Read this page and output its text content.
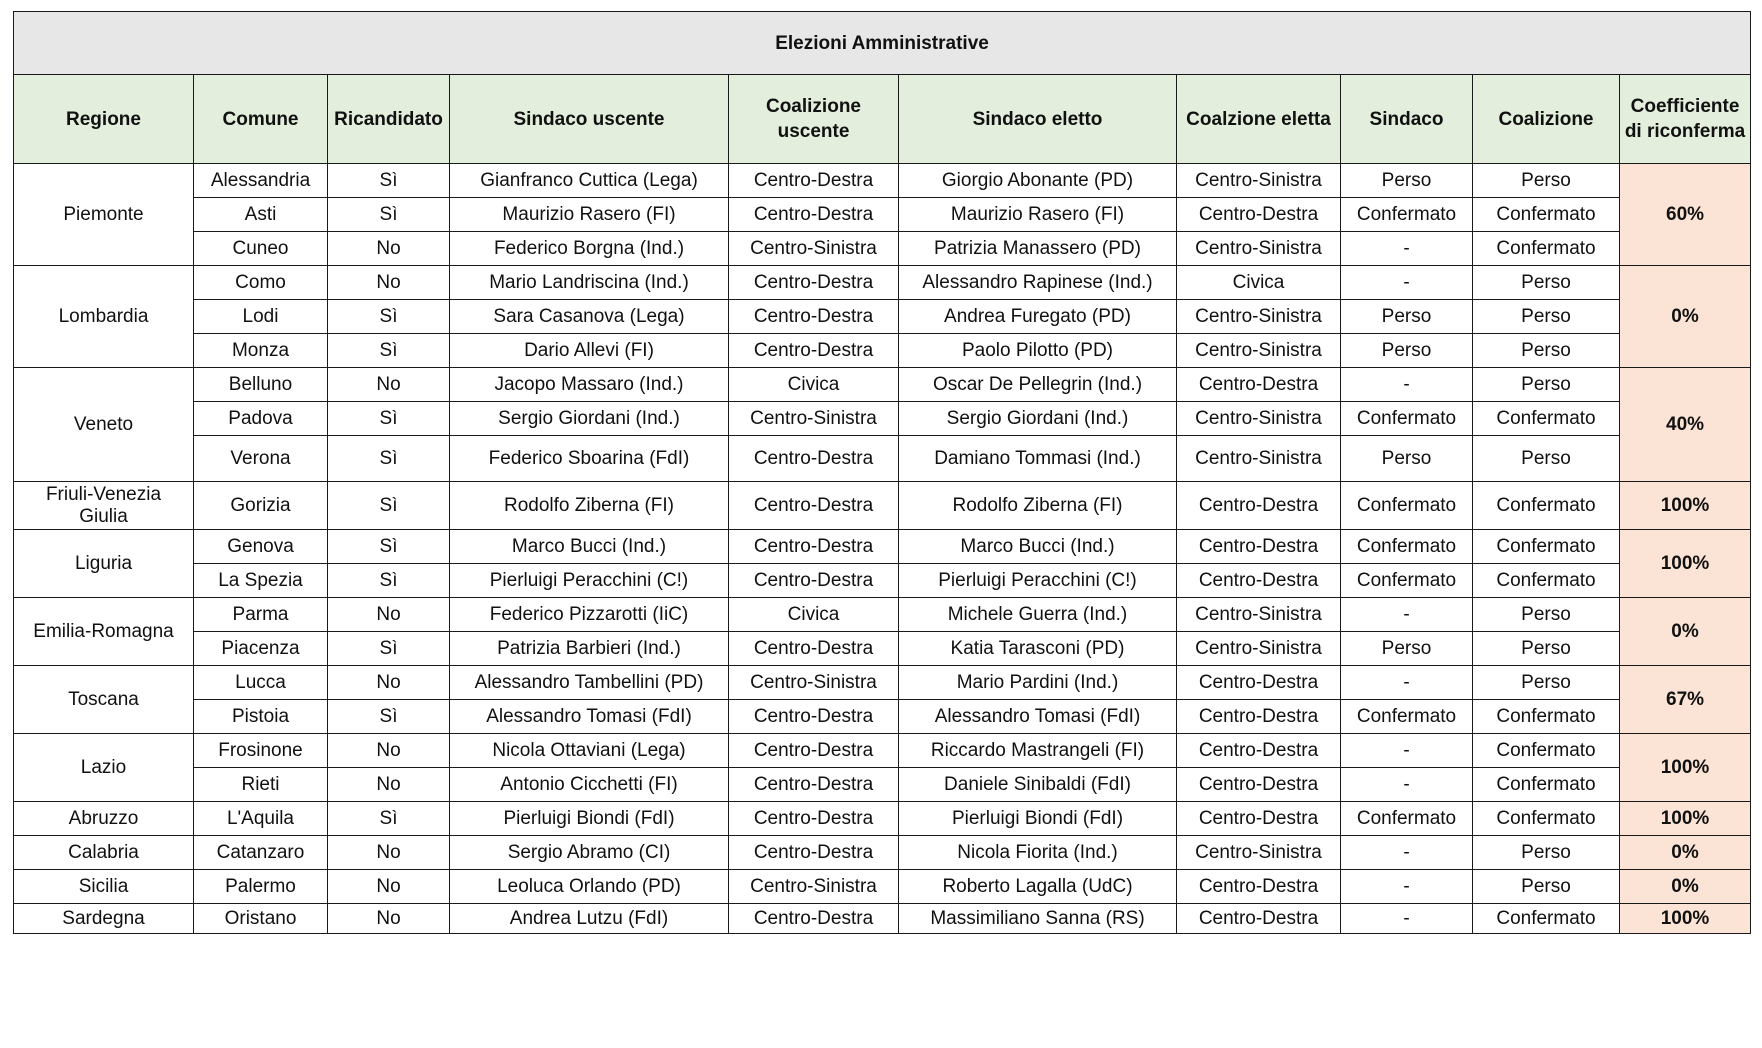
Elezioni Amministrative									
Regione	Comune	Ricandidato	Sindaco uscente	Coalizione uscente	Sindaco eletto	Coalzione eletta	Sindaco	Coalizione	Coefficiente di riconferma
Piemonte	Alessandria	Sì	Gianfranco Cuttica (Lega)	Centro-Destra	Giorgio Abonante (PD)	Centro-Sinistra	Perso	Perso	60%
	Asti	Sì	Maurizio Rasero (FI)	Centro-Destra	Maurizio Rasero (FI)	Centro-Destra	Confermato	Confermato	
	Cuneo	No	Federico Borgna (Ind.)	Centro-Sinistra	Patrizia Manassero (PD)	Centro-Sinistra	-	Confermato	
Lombardia	Como	No	Mario Landriscina (Ind.)	Centro-Destra	Alessandro Rapinese (Ind.)	Civica	-	Perso	0%
	Lodi	Sì	Sara Casanova (Lega)	Centro-Destra	Andrea Furegato (PD)	Centro-Sinistra	Perso	Perso	
	Monza	Sì	Dario Allevi (FI)	Centro-Destra	Paolo Pilotto (PD)	Centro-Sinistra	Perso	Perso	
Veneto	Belluno	No	Jacopo Massaro (Ind.)	Civica	Oscar De Pellegrin (Ind.)	Centro-Destra	-	Perso	40%
	Padova	Sì	Sergio Giordani (Ind.)	Centro-Sinistra	Sergio Giordani (Ind.)	Centro-Sinistra	Confermato	Confermato	
	Verona	Sì	Federico Sboarina (FdI)	Centro-Destra	Damiano Tommasi (Ind.)	Centro-Sinistra	Perso	Perso	
Friuli-Venezia Giulia	Gorizia	Sì	Rodolfo Ziberna (FI)	Centro-Destra	Rodolfo Ziberna (FI)	Centro-Destra	Confermato	Confermato	100%
Liguria	Genova	Sì	Marco Bucci (Ind.)	Centro-Destra	Marco Bucci (Ind.)	Centro-Destra	Confermato	Confermato	100%
	La Spezia	Sì	Pierluigi Peracchini (C!)	Centro-Destra	Pierluigi Peracchini (C!)	Centro-Destra	Confermato	Confermato	
Emilia-Romagna	Parma	No	Federico Pizzarotti (IiC)	Civica	Michele Guerra (Ind.)	Centro-Sinistra	-	Perso	0%
	Piacenza	Sì	Patrizia Barbieri (Ind.)	Centro-Destra	Katia Tarasconi (PD)	Centro-Sinistra	Perso	Perso	
Toscana	Lucca	No	Alessandro Tambellini (PD)	Centro-Sinistra	Mario Pardini (Ind.)	Centro-Destra	-	Perso	67%
	Pistoia	Sì	Alessandro Tomasi (FdI)	Centro-Destra	Alessandro Tomasi (FdI)	Centro-Destra	Confermato	Confermato	
Lazio	Frosinone	No	Nicola Ottaviani (Lega)	Centro-Destra	Riccardo Mastrangeli (FI)	Centro-Destra	-	Confermato	100%
	Rieti	No	Antonio Cicchetti (FI)	Centro-Destra	Daniele Sinibaldi (FdI)	Centro-Destra	-	Confermato	
Abruzzo	L'Aquila	Sì	Pierluigi Biondi (FdI)	Centro-Destra	Pierluigi Biondi (FdI)	Centro-Destra	Confermato	Confermato	100%
Calabria	Catanzaro	No	Sergio Abramo (CI)	Centro-Destra	Nicola Fiorita (Ind.)	Centro-Sinistra	-	Perso	0%
Sicilia	Palermo	No	Leoluca Orlando (PD)	Centro-Sinistra	Roberto Lagalla (UdC)	Centro-Destra	-	Perso	0%
Sardegna	Oristano	No	Andrea Lutzu (FdI)	Centro-Destra	Massimiliano Sanna (RS)	Centro-Destra	-	Confermato	100%
